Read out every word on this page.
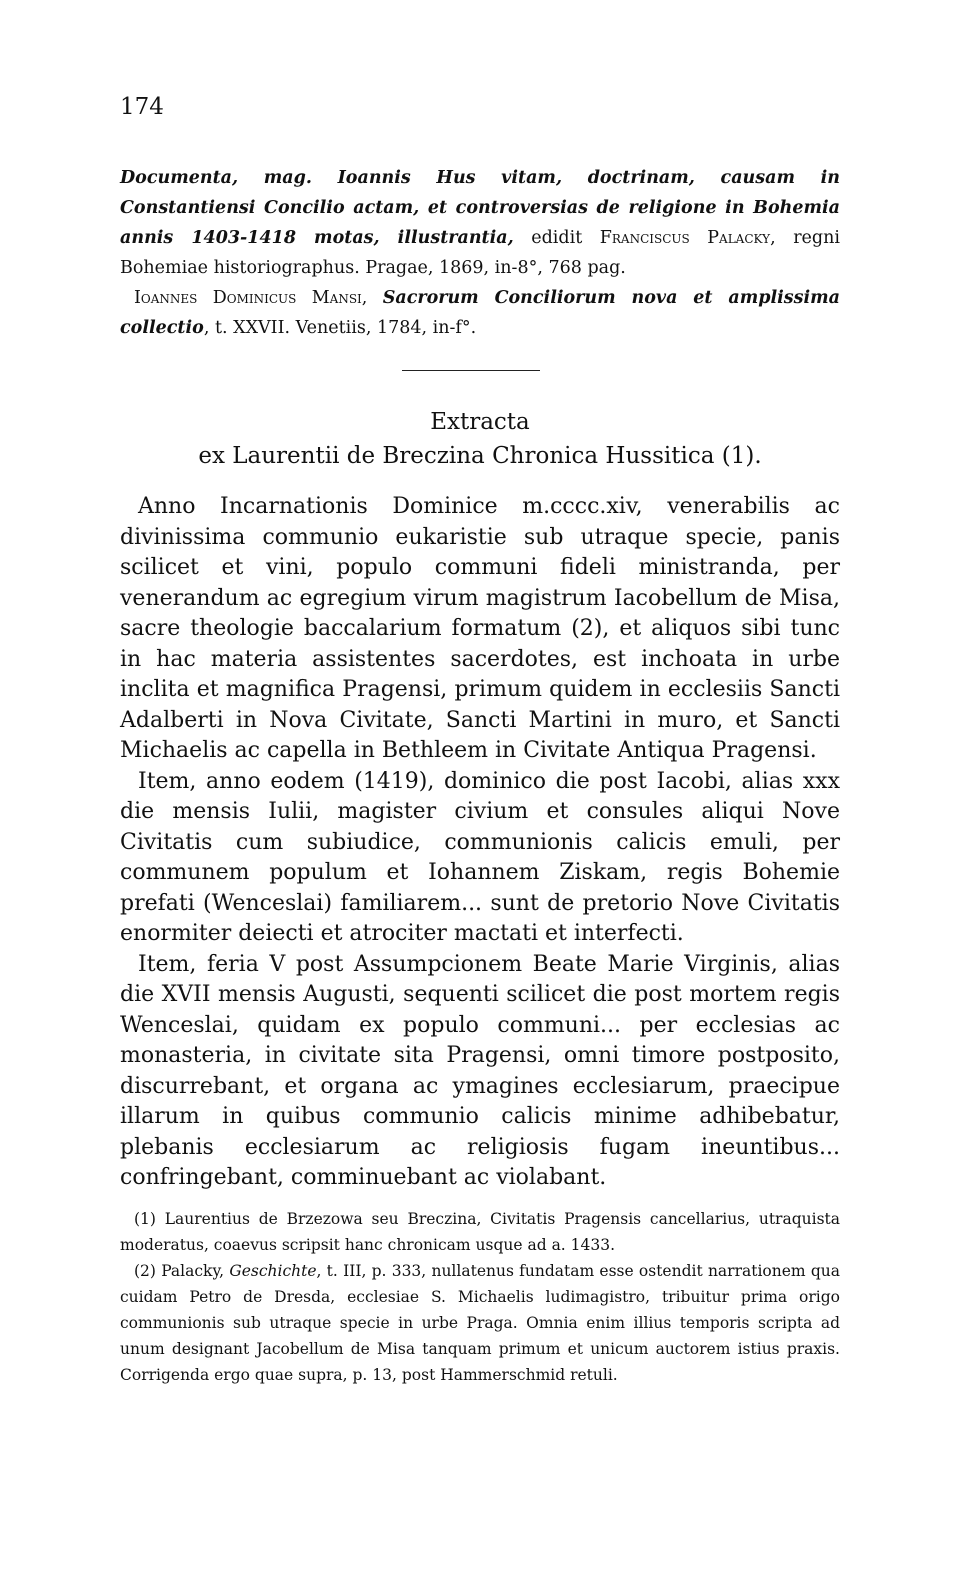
174

Documenta, mag. Ioannis Hus vitam, doctrinam, causam in Constantiensi Concilio actam, et controversias de religione in Bohemia annis 1403-1418 motas, illustrantia, edidit Franciscus Palacky, regni Bohemiae historiographus. Pragae, 1869, in-8°, 768 pag.

Ioannes Dominicus Mansi, Sacrorum Conciliorum nova et amplissima collectio, t. XXVII. Venetiis, 1784, in-f°.

Extracta
ex Laurentii de Breczina Chronica Hussitica (1).

Anno Incarnationis Dominice m.cccc.xiv, venerabilis ac divinissima communio eukaristie sub utraque specie, panis scilicet et vini, populo communi fideli ministranda, per venerandum ac egregium virum magistrum Iacobellum de Misa, sacre theologie baccalarium formatum (2), et aliquos sibi tunc in hac materia assistentes sacerdotes, est inchoata in urbe inclita et magnifica Pragensi, primum quidem in ecclesiis Sancti Adalberti in Nova Civitate, Sancti Martini in muro, et Sancti Michaelis ac capella in Bethleem in Civitate Antiqua Pragensi.

Item, anno eodem (1419), dominico die post Iacobi, alias xxx die mensis Iulii, magister civium et consules aliqui Nove Civitatis cum subiudice, communionis calicis emuli, per communem populum et Iohannem Ziskam, regis Bohemie prefati (Wenceslai) familiarem... sunt de pretorio Nove Civitatis enormiter deiecti et atrociter mactati et interfecti.

Item, feria V post Assumpcionem Beate Marie Virginis, alias die XVII mensis Augusti, sequenti scilicet die post mortem regis Wenceslai, quidam ex populo communi... per ecclesias ac monasteria, in civitate sita Pragensi, omni timore postposito, discurrebant, et organa ac ymagines ecclesiarum, praecipue illarum in quibus communio calicis minime adhibebatur, plebanis ecclesiarum ac religiosis fugam ineuntibus... confringebant, comminuebant ac violabant.

(1) Laurentius de Brzezowa seu Breczina, Civitatis Pragensis cancellarius, utraquista moderatus, coaevus scripsit hanc chronicam usque ad a. 1433.

(2) Palacky, Geschichte, t. III, p. 333, nullatenus fundatam esse ostendit narrationem qua cuidam Petro de Dresda, ecclesiae S. Michaelis ludimagistro, tribuitur prima origo communionis sub utraque specie in urbe Praga. Omnia enim illius temporis scripta ad unum designant Jacobellum de Misa tanquam primum et unicum auctorem istius praxis. Corrigenda ergo quae supra, p. 13, post Hammerschmid retuli.
